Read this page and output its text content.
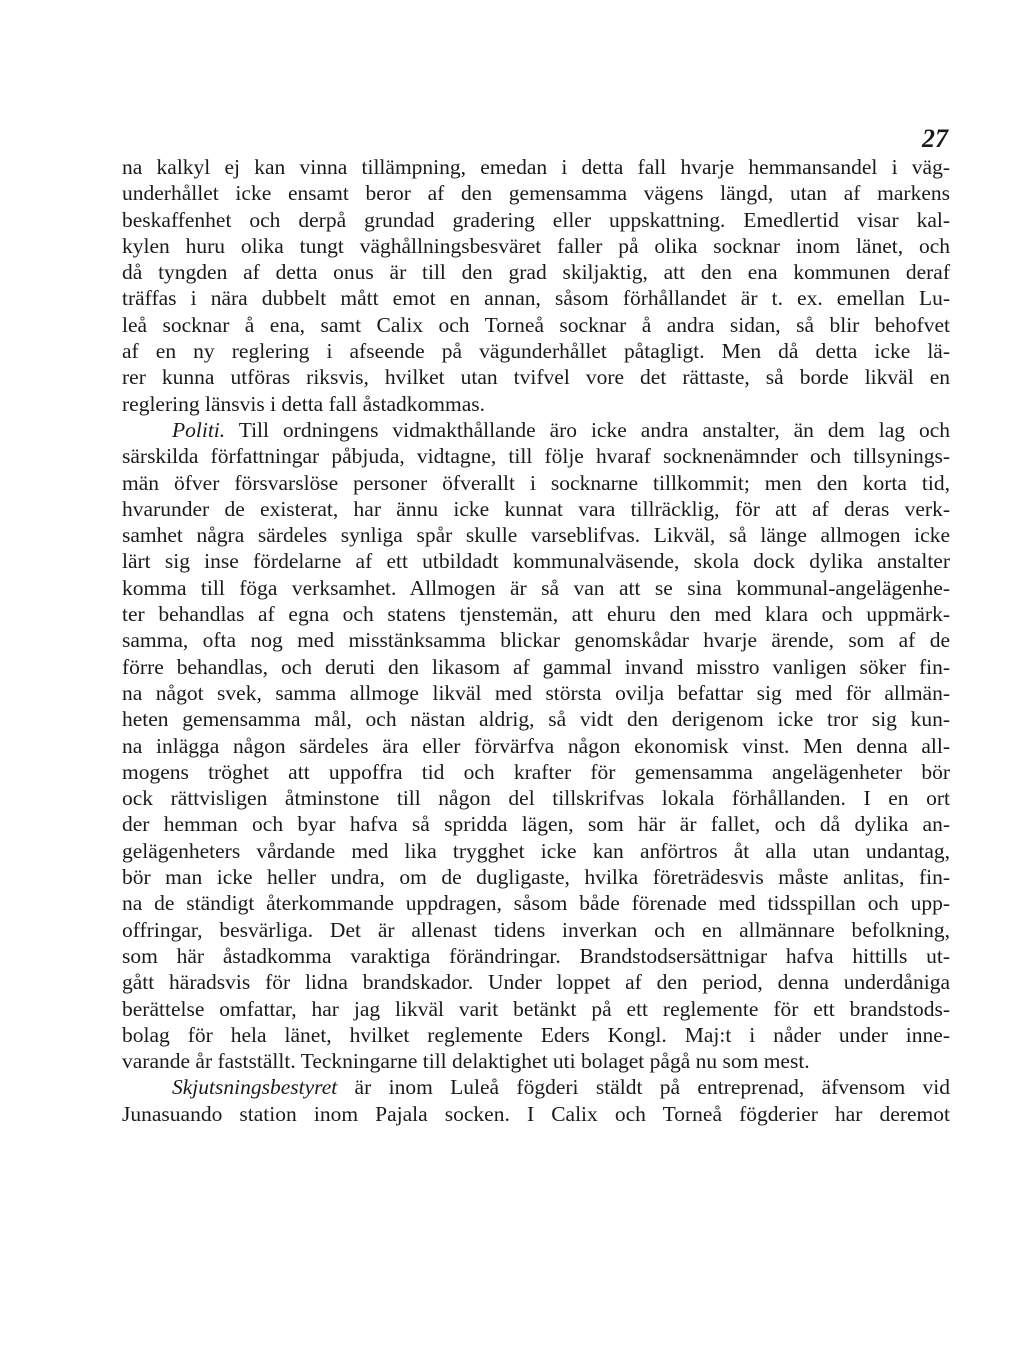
27
na kalkyl ej kan vinna tillämpning, emedan i detta fall hvarje hemmansandel i väg-
underhållet icke ensamt beror af den gemensamma vägens längd, utan af markens
beskaffenhet och derpå grundad gradering eller uppskattning. Emedlertid visar kal-
kylen huru olika tungt väghållningsbesväret faller på olika socknar inom länet, och
då tyngden af detta onus är till den grad skiljaktig, att den ena kommunen deraf
träffas i nära dubbelt mått emot en annan, såsom förhållandet är t. ex. emellan Lu-
leå socknar å ena, samt Calix och Torneå socknar å andra sidan, så blir behofvet
af en ny reglering i afseende på vägunderhållet påtagligt. Men då detta icke lä-
rer kunna utföras riksvis, hvilket utan tvifvel vore det rättaste, så borde likväl en
reglering länsvis i detta fall åstadkommas.
Politi. Till ordningens vidmakthållande äro icke andra anstalter, än dem lag och
särskilda författningar påbjuda, vidtagne, till följe hvaraf socknenämnder och tillsynings-
män öfver försvarslöse personer öfverallt i socknarne tillkommit; men den korta tid,
hvarunder de existerat, har ännu icke kunnat vara tillräcklig, för att af deras verk-
samhet några särdeles synliga spår skulle varseblifvas. Likväl, så länge allmogen icke
lärt sig inse fördelarne af ett utbildadt kommunalväsende, skola dock dylika anstalter
komma till föga verksamhet. Allmogen är så van att se sina kommunal-angelägenhe-
ter behandlas af egna och statens tjenstemän, att ehuru den med klara och uppmärk-
samma, ofta nog med misstänksamma blickar genomskådar hvarje ärende, som af de
förre behandlas, och deruti den likasom af gammal invand misstro vanligen söker fin-
na något svek, samma allmoge likväl med största ovilja befattar sig med för allmän-
heten gemensamma mål, och nästan aldrig, så vidt den derigenom icke tror sig kun-
na inlägga någon särdeles ära eller förvärfva någon ekonomisk vinst. Men denna all-
mogens tröghet att uppoffra tid och krafter för gemensamma angelägenheter bör
ock rättvisligen åtminstone till någon del tillskrifvas lokala förhållanden. I en ort
der hemman och byar hafva så spridda lägen, som här är fallet, och då dylika an-
gelägenheters vårdande med lika trygghet icke kan anförtros åt alla utan undantag,
bör man icke heller undra, om de dugligaste, hvilka företrädesvis måste anlitas, fin-
na de ständigt återkommande uppdragen, såsom både förenade med tidsspillan och upp-
offringar, besvärliga. Det är allenast tidens inverkan och en allmännare befolkning,
som här åstadkomma varaktiga förändringar. Brandstodsersättnigar hafva hittills ut-
gått häradsvis för lidna brandskador. Under loppet af den period, denna underdåniga
berättelse omfattar, har jag likväl varit betänkt på ett reglemente för ett brandstods-
bolag för hela länet, hvilket reglemente Eders Kongl. Maj:t i nåder under inne-
varande år fastställt. Teckningarne till delaktighet uti bolaget pågå nu som mest.
Skjutsningsbestyret är inom Luleå fögderi stäldt på entreprenad, äfvensom vid
Junasuando station inom Pajala socken. I Calix och Torneå fögderier har deremot
